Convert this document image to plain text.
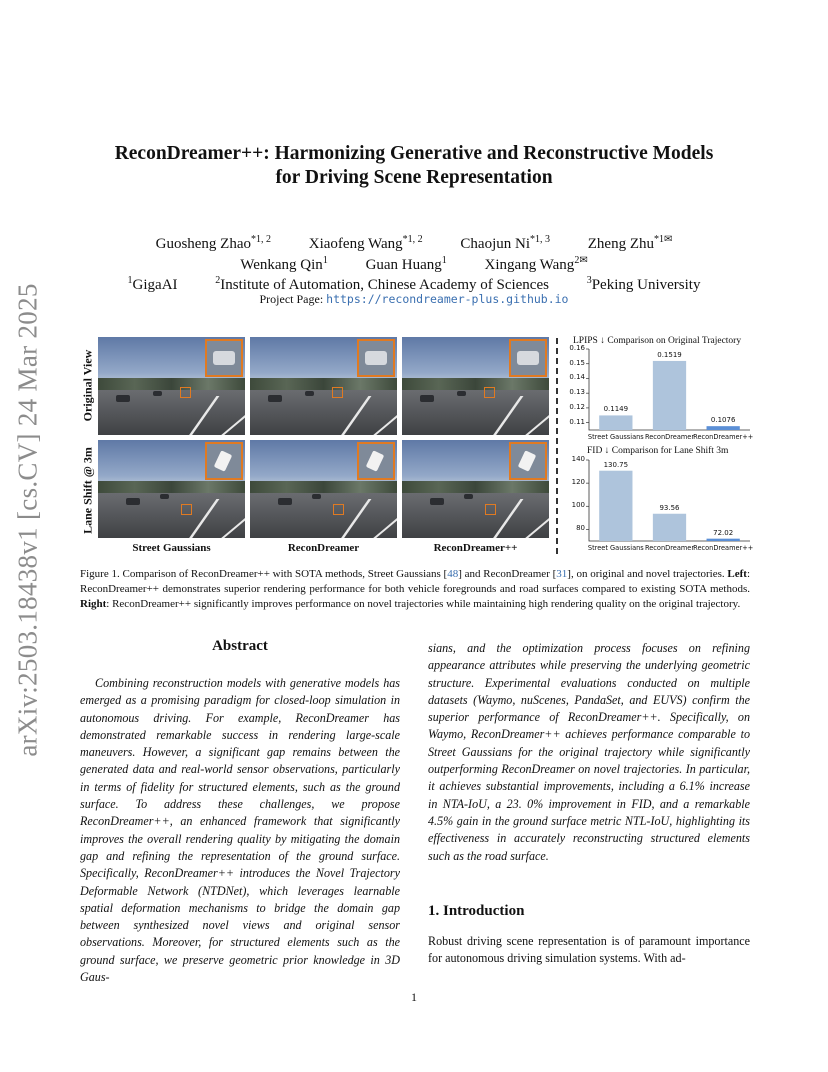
arXiv:2503.18438v1 [cs.CV] 24 Mar 2025
ReconDreamer++: Harmonizing Generative and Reconstructive Models
for Driving Scene Representation
Guosheng Zhao$^{*1, 2}$	Xiaofeng Wang$^{*1, 2}$	Chaojun Ni$^{*1, 3}$	Zheng Zhu$^{*1✉}$
Wenkang Qin$^1$	Guan Huang$^1$	Xingang Wang$^{2✉}$
$^1$GigaAI	$^2$Institute of Automation, Chinese Academy of Sciences	$^3$Peking University
Project Page: https://recondreamer-plus.github.io
Original View
Lane Shift @ 3m
Street Gaussians	ReconDreamer	ReconDreamer++
LPIPS ↓ Comparison on Original Trajectory
FID ↓ Comparison for Lane Shift 3m
0.11
0.12
0.13
0.14
0.15
0.16
0.1149
Street Gaussians
0.1519
ReconDreamer
0.1076
ReconDreamer++
80
100
120
140
130.75
Street Gaussians
93.56
ReconDreamer
72.02
ReconDreamer++
Figure 1. Comparison of ReconDreamer++ with SOTA methods, Street Gaussians [48] and ReconDreamer [31], on original and novel trajectories. Left: ReconDreamer++ demonstrates superior rendering performance for both vehicle foregrounds and road surfaces compared to existing SOTA methods. Right: ReconDreamer++ significantly improves performance on novel trajectories while maintaining high rendering quality on the original trajectory.
Abstract
Combining reconstruction models with generative models has emerged as a promising paradigm for closed-loop simulation in autonomous driving. For example, ReconDreamer has demonstrated remarkable success in rendering large-scale maneuvers. However, a significant gap remains between the generated data and real-world sensor observations, particularly in terms of fidelity for structured elements, such as the ground surface. To address these challenges, we propose ReconDreamer++, an enhanced framework that significantly improves the overall rendering quality by mitigating the domain gap and refining the representation of the ground surface. Specifically, ReconDreamer++ introduces the Novel Trajectory Deformable Network (NTDNet), which leverages learnable spatial deformation mechanisms to bridge the domain gap between synthesized novel views and original sensor observations. Moreover, for structured elements such as the ground surface, we preserve geometric prior knowledge in 3D Gaus-
sians, and the optimization process focuses on refining appearance attributes while preserving the underlying geometric structure. Experimental evaluations conducted on multiple datasets (Waymo, nuScenes, PandaSet, and EUVS) confirm the superior performance of ReconDreamer++. Specifically, on Waymo, ReconDreamer++ achieves performance comparable to Street Gaussians for the original trajectory while significantly outperforming ReconDreamer on novel trajectories. In particular, it achieves substantial improvements, including a 6.1% increase in NTA-IoU, a 23. 0% improvement in FID, and a remarkable 4.5% gain in the ground surface metric NTL-IoU, highlighting its effectiveness in accurately reconstructing structured elements such as the road surface.
1. Introduction
Robust driving scene representation is of paramount importance for autonomous driving simulation systems. With ad-
1
